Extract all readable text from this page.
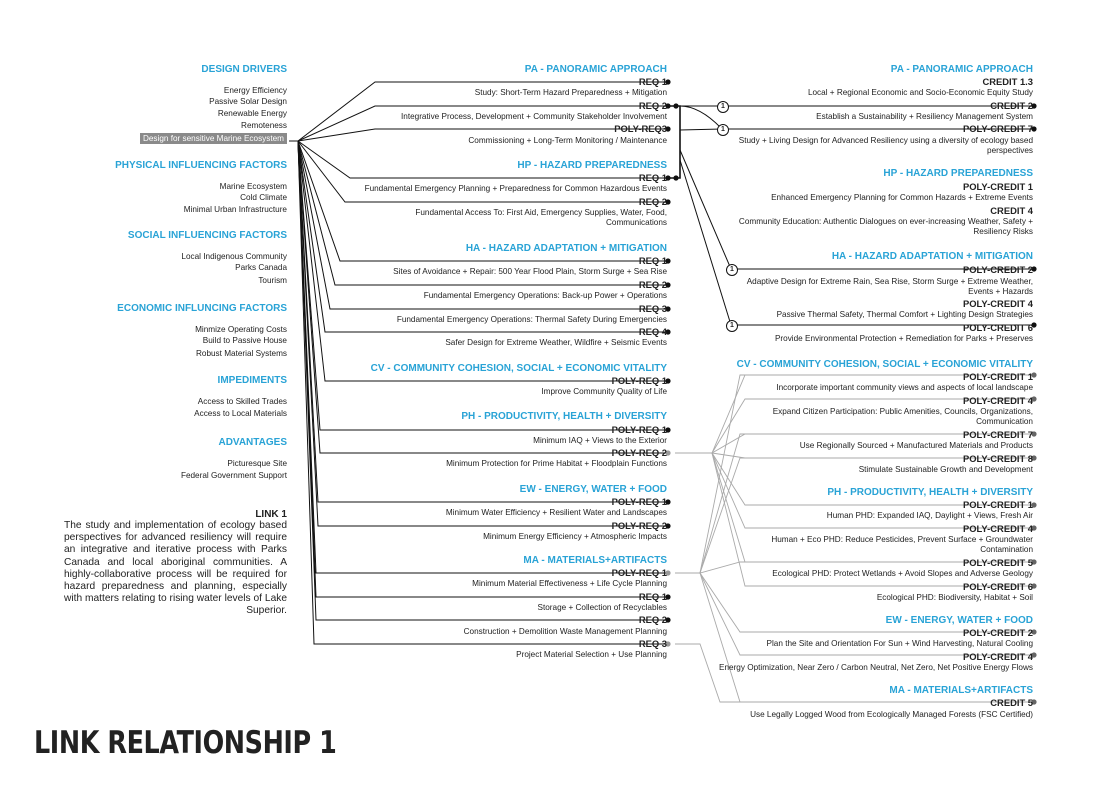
DESIGN DRIVERS
Energy Efficiency
Passive Solar Design
Renewable Energy
Remoteness
Design for sensitive Marine Ecosystem
PHYSICAL INFLUENCING FACTORS
Marine Ecosystem
Cold Climate
Minimal Urban Infrastructure
SOCIAL INFLUENCING FACTORS
Local Indigenous Community
Parks Canada
Tourism
ECONOMIC INFLUNCING FACTORS
Minmize Operating Costs
Build to Passive House
Robust Material Systems
IMPEDIMENTS
Access to Skilled Trades
Access to Local Materials
ADVANTAGES
Picturesque Site
Federal Government Support
LINK 1
The study and implementation of ecology based perspectives for advanced resiliency will require an integrative and iterative process with Parks Canada and local aboriginal communities. A highly-collaborative process will be required for hazard preparedness and planning, especially with matters relating to rising water levels of Lake Superior.
LINK RELATIONSHIP 1
PA - PANORAMIC APPROACH
REQ 1
Study: Short-Term Hazard Preparedness + Mitigation
REQ 2
Integrative Process, Development + Community Stakeholder Involvement
POLY-REQ3
Commissioning + Long-Term Monitoring / Maintenance
HP - HAZARD PREPAREDNESS
REQ 1
Fundamental Emergency Planning + Preparedness for Common Hazardous Events
REQ 2
Fundamental Access To: First Aid, Emergency Supplies, Water, Food, Communications
HA - HAZARD ADAPTATION + MITIGATION
REQ 1
Sites of Avoidance + Repair: 500 Year Flood Plain, Storm Surge + Sea Rise
REQ 2
Fundamental Emergency Operations: Back-up Power + Operations
REQ 3
Fundamental Emergency Operations: Thermal Safety During Emergencies
REQ 4
Safer Design for Extreme Weather, Wildfire + Seismic Events
CV - COMMUNITY COHESION, SOCIAL + ECONOMIC VITALITY
POLY-REQ 1
Improve Community Quality of Life
PH - PRODUCTIVITY, HEALTH + DIVERSITY
POLY-REQ 1
Minimum IAQ + Views to the Exterior
POLY-REQ 2
Minimum Protection for Prime Habitat + Floodplain Functions
EW - ENERGY, WATER + FOOD
POLY-REQ 1
Minimum Water Efficiency + Resilient Water and Landscapes
POLY-REQ 2
Minimum Energy Efficiency + Atmospheric Impacts
MA - MATERIALS+ARTIFACTS
POLY-REQ 1
Minimum Material Effectiveness + Life Cycle Planning
REQ 1
Storage + Collection of Recyclables
REQ 2
Construction + Demolition Waste Management Planning
REQ 3
Project Material Selection + Use Planning
PA - PANORAMIC APPROACH
CREDIT 1.3
Local + Regional Economic and Socio-Economic Equity Study
CREDIT 2
Establish a Sustainability + Resiliency Management System
POLY-CREDIT 7
Study + Living Design for Advanced Resiliency using a diversity of ecology based perspectives
HP - HAZARD PREPAREDNESS
POLY-CREDIT 1
Enhanced Emergency Planning for Common Hazards + Extreme Events
CREDIT 4
Community Education: Authentic Dialogues on ever-increasing Weather, Safety + Resiliency Risks
HA - HAZARD ADAPTATION + MITIGATION
POLY-CREDIT 2
Adaptive Design for Extreme Rain, Sea Rise, Storm Surge + Extreme Weather, Events + Hazards
POLY-CREDIT 4
Passive Thermal Safety, Thermal Comfort + Lighting Design Strategies
POLY-CREDIT 6
Provide Environmental Protection + Remediation for Parks + Preserves
CV - COMMUNITY COHESION, SOCIAL + ECONOMIC VITALITY
POLY-CREDIT 1
Incorporate important community views and aspects of local landscape
POLY-CREDIT 4
Expand Citizen Participation: Public Amenities, Councils, Organizations, Communication
POLY-CREDIT 7
Use Regionally Sourced + Manufactured Materials and Products
POLY-CREDIT 8
Stimulate Sustainable Growth and Development
PH - PRODUCTIVITY, HEALTH + DIVERSITY
POLY-CREDIT 1
Human PHD: Expanded IAQ, Daylight + Views, Fresh Air
POLY-CREDIT 4
Human + Eco PHD: Reduce Pesticides, Prevent Surface + Groundwater Contamination
POLY-CREDIT 5
Ecological PHD: Protect Wetlands + Avoid Slopes and Adverse Geology
POLY-CREDIT 6
Ecological PHD: Biodiversity, Habitat + Soil
EW - ENERGY, WATER + FOOD
POLY-CREDIT 2
Plan the Site and Orientation For Sun + Wind Harvesting, Natural Cooling
POLY-CREDIT 4
Energy Optimization, Near Zero / Carbon Neutral, Net Zero, Net Positive Energy Flows
MA - MATERIALS+ARTIFACTS
CREDIT 5
Use Legally Logged Wood from Ecologically Managed Forests (FSC Certified)
1
1
1
1
